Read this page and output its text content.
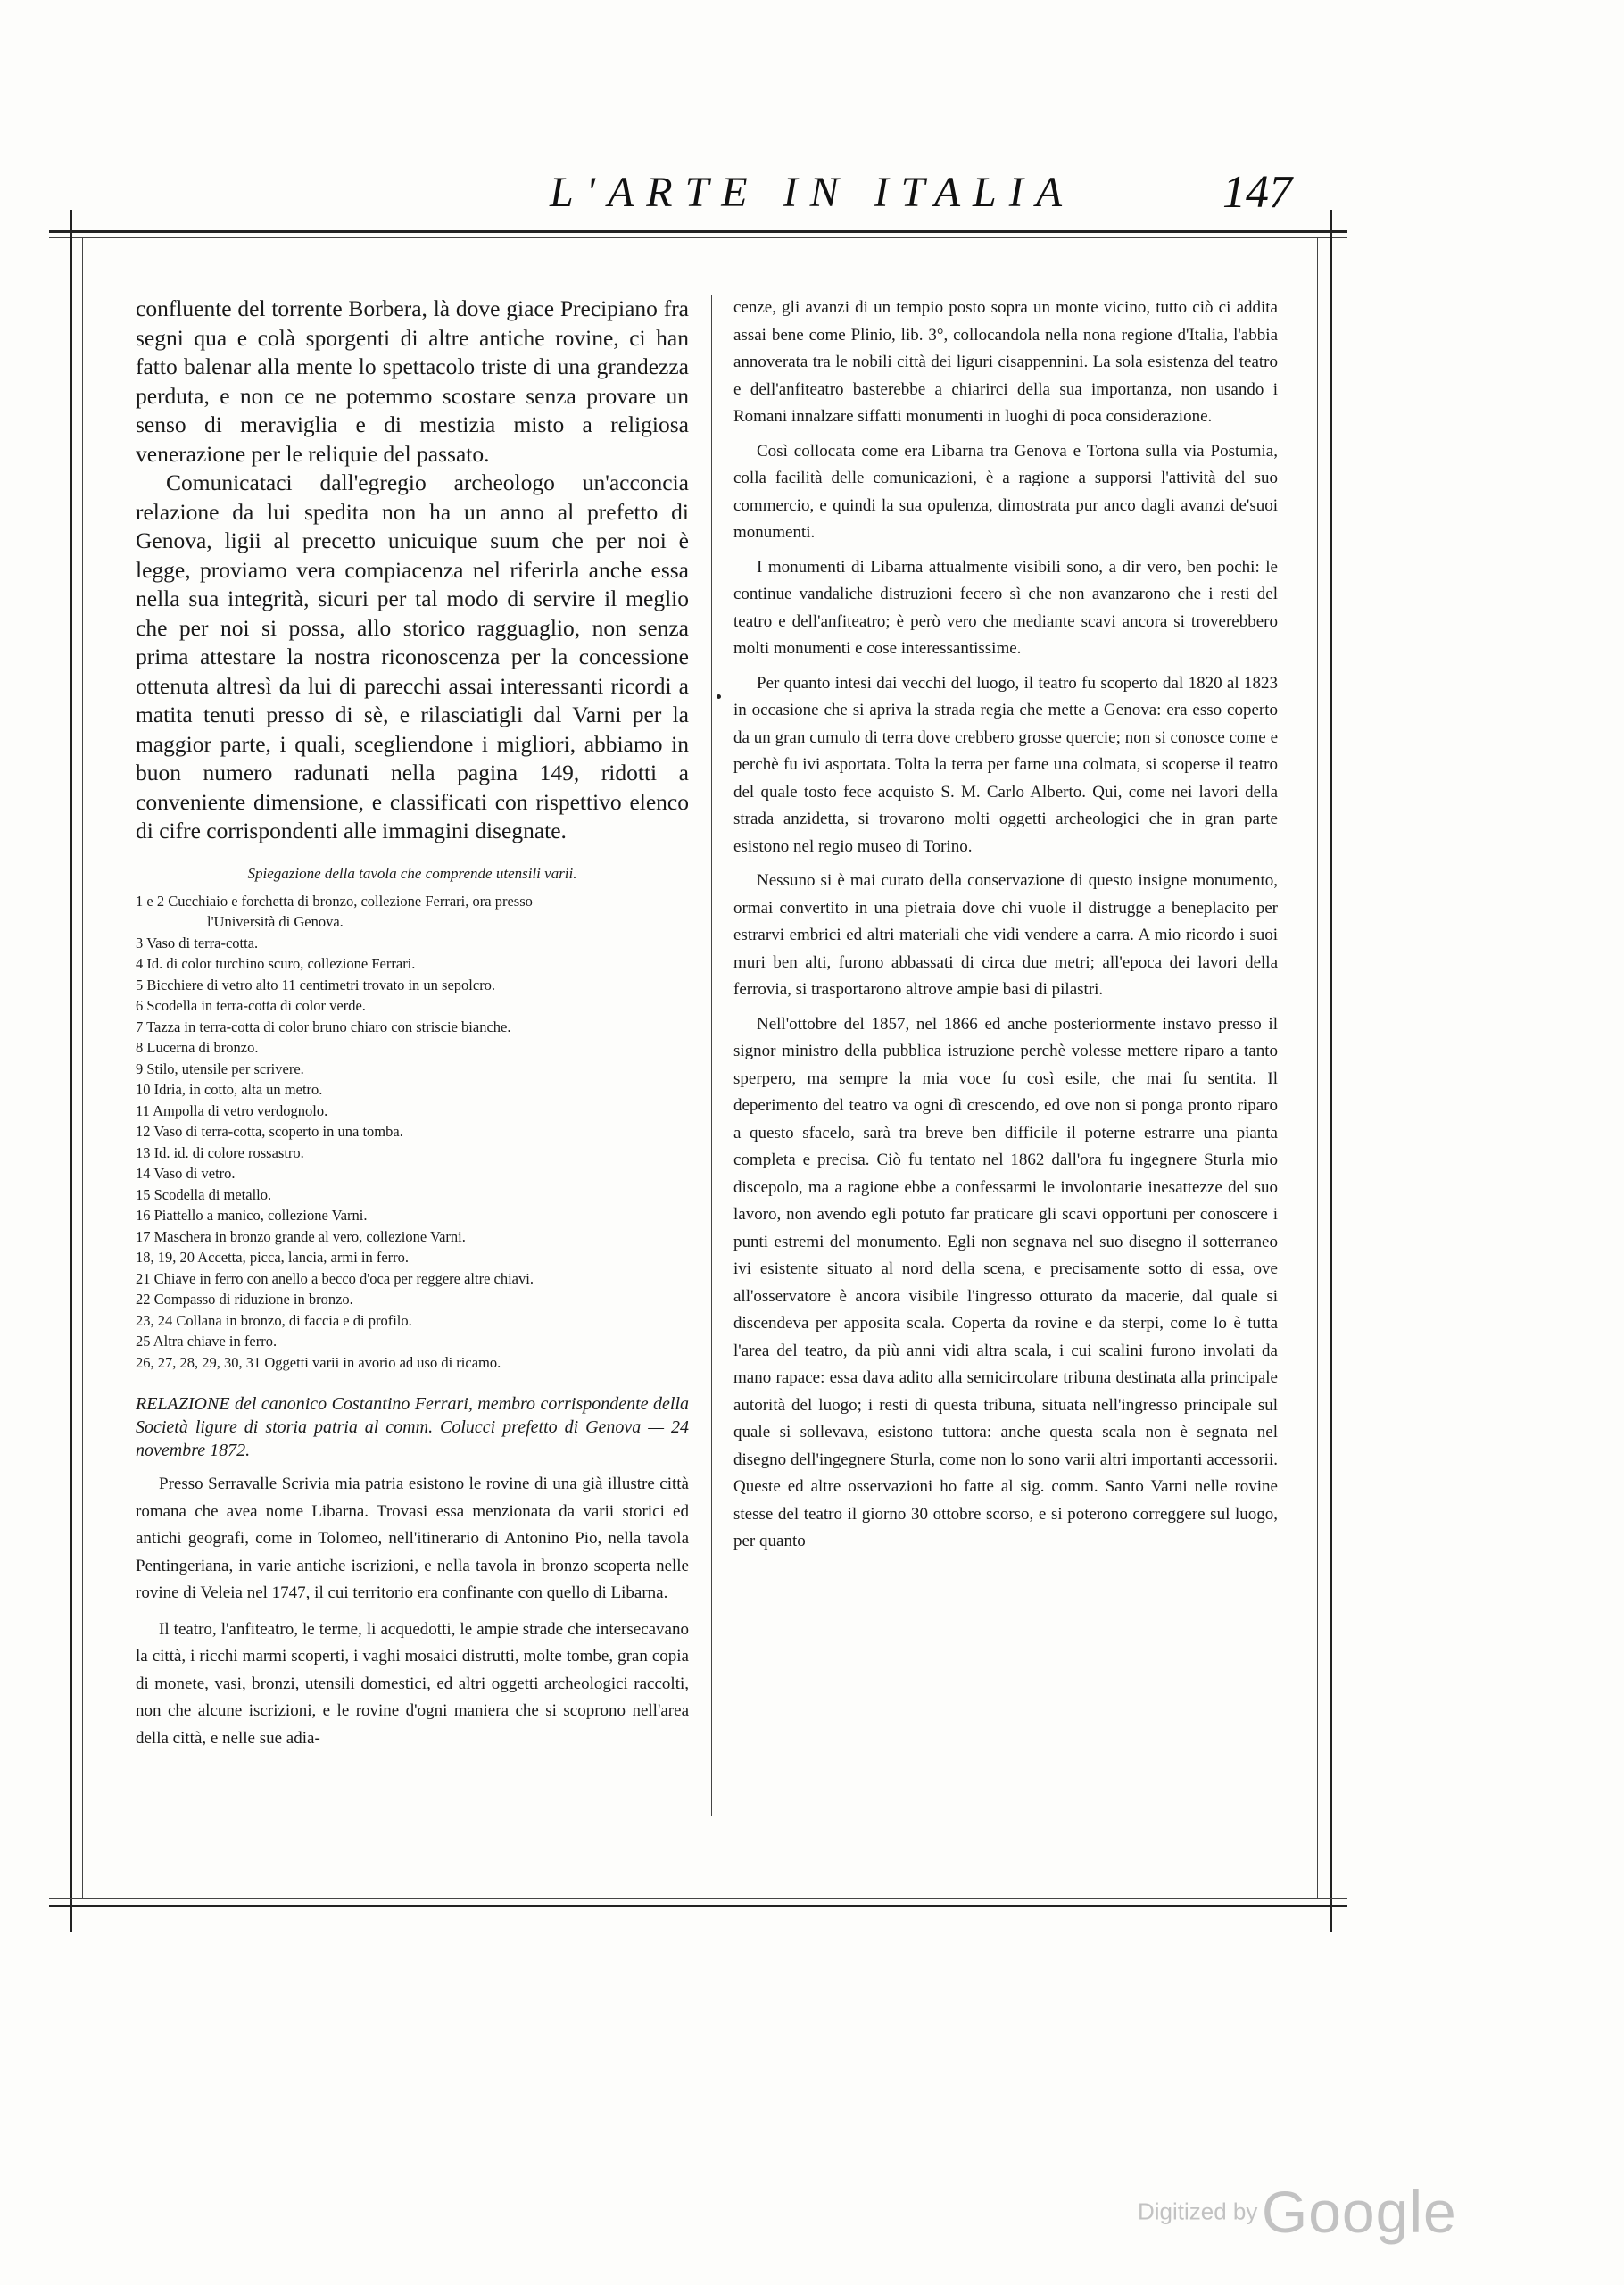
L'ARTE IN ITALIA	147

confluente del torrente Borbera, là dove giace Precipiano fra segni qua e colà sporgenti di altre antiche rovine, ci han fatto balenar alla mente lo spettacolo triste di una grandezza perduta, e non ce ne potemmo scostare senza provare un senso di meraviglia e di mestizia misto a religiosa venerazione per le reliquie del passato.

Comunicataci dall'egregio archeologo un'acconcia relazione da lui spedita non ha un anno al prefetto di Genova, ligii al precetto unicuique suum che per noi è legge, proviamo vera compiacenza nel riferirla anche essa nella sua integrità, sicuri per tal modo di servire il meglio che per noi si possa, allo storico ragguaglio, non senza prima attestare la nostra riconoscenza per la concessione ottenuta altresì da lui di parecchi assai interessanti ricordi a matita tenuti presso di sè, e rilasciatigli dal Varni per la maggior parte, i quali, scegliendone i migliori, abbiamo in buon numero radunati nella pagina 149, ridotti a conveniente dimensione, e classificati con rispettivo elenco di cifre corrispondenti alle immagini disegnate.

Spiegazione della tavola che comprende utensili varii.
1 e 2 Cucchiaio e forchetta di bronzo, collezione Ferrari, ora presso
l'Università di Genova.
3 Vaso di terra-cotta.
4 Id. di color turchino scuro, collezione Ferrari.
5 Bicchiere di vetro alto 11 centimetri trovato in un sepolcro.
6 Scodella in terra-cotta di color verde.
7 Tazza in terra-cotta di color bruno chiaro con striscie bianche.
8 Lucerna di bronzo.
9 Stilo, utensile per scrivere.
10 Idria, in cotto, alta un metro.
11 Ampolla di vetro verdognolo.
12 Vaso di terra-cotta, scoperto in una tomba.
13 Id. id. di colore rossastro.
14 Vaso di vetro.
15 Scodella di metallo.
16 Piattello a manico, collezione Varni.
17 Maschera in bronzo grande al vero, collezione Varni.
18, 19, 20 Accetta, picca, lancia, armi in ferro.
21 Chiave in ferro con anello a becco d'oca per reggere altre chiavi.
22 Compasso di riduzione in bronzo.
23, 24 Collana in bronzo, di faccia e di profilo.
25 Altra chiave in ferro.
26, 27, 28, 29, 30, 31 Oggetti varii in avorio ad uso di ricamo.
RELAZIONE del canonico Costantino Ferrari, membro corrispondente della Società ligure di storia patria al comm. Colucci prefetto di Genova — 24 novembre 1872.

Presso Serravalle Scrivia mia patria esistono le rovine di una già illustre città romana che avea nome Libarna. Trovasi essa menzionata da varii storici ed antichi geografi, come in Tolomeo, nell'itinerario di Antonino Pio, nella tavola Pentingeriana, in varie antiche iscrizioni, e nella tavola in bronzo scoperta nelle rovine di Veleia nel 1747, il cui territorio era confinante con quello di Libarna.

Il teatro, l'anfiteatro, le terme, li acquedotti, le ampie strade che intersecavano la città, i ricchi marmi scoperti, i vaghi mosaici distrutti, molte tombe, gran copia di monete, vasi, bronzi, utensili domestici, ed altri oggetti archeologici raccolti, non che alcune iscrizioni, e le rovine d'ogni maniera che si scoprono nell'area della città, e nelle sue adia-

cenze, gli avanzi di un tempio posto sopra un monte vicino, tutto ciò ci addita assai bene come Plinio, lib. 3°, collocandola nella nona regione d'Italia, l'abbia annoverata tra le nobili città dei liguri cisappennini. La sola esistenza del teatro e dell'anfiteatro basterebbe a chiarirci della sua importanza, non usando i Romani innalzare siffatti monumenti in luoghi di poca considerazione.

Così collocata come era Libarna tra Genova e Tortona sulla via Postumia, colla facilità delle comunicazioni, è a ragione a supporsi l'attività del suo commercio, e quindi la sua opulenza, dimostrata pur anco dagli avanzi de'suoi monumenti.

I monumenti di Libarna attualmente visibili sono, a dir vero, ben pochi: le continue vandaliche distruzioni fecero sì che non avanzarono che i resti del teatro e dell'anfiteatro; è però vero che mediante scavi ancora si troverebbero molti monumenti e cose interessantissime.

Per quanto intesi dai vecchi del luogo, il teatro fu scoperto dal 1820 al 1823 in occasione che si apriva la strada regia che mette a Genova: era esso coperto da un gran cumulo di terra dove crebbero grosse quercie; non si conosce come e perchè fu ivi asportata. Tolta la terra per farne una colmata, si scoperse il teatro del quale tosto fece acquisto S. M. Carlo Alberto. Qui, come nei lavori della strada anzidetta, si trovarono molti oggetti archeologici che in gran parte esistono nel regio museo di Torino.

Nessuno si è mai curato della conservazione di questo insigne monumento, ormai convertito in una pietraia dove chi vuole il distrugge a beneplacito per estrarvi embrici ed altri materiali che vidi vendere a carra. A mio ricordo i suoi muri ben alti, furono abbassati di circa due metri; all'epoca dei lavori della ferrovia, si trasportarono altrove ampie basi di pilastri.

Nell'ottobre del 1857, nel 1866 ed anche posteriormente instavo presso il signor ministro della pubblica istruzione perchè volesse mettere riparo a tanto sperpero, ma sempre la mia voce fu così esile, che mai fu sentita. Il deperimento del teatro va ogni dì crescendo, ed ove non si ponga pronto riparo a questo sfacelo, sarà tra breve ben difficile il poterne estrarre una pianta completa e precisa. Ciò fu tentato nel 1862 dall'ora fu ingegnere Sturla mio discepolo, ma a ragione ebbe a confessarmi le involontarie inesattezze del suo lavoro, non avendo egli potuto far praticare gli scavi opportuni per conoscere i punti estremi del monumento. Egli non segnava nel suo disegno il sotterraneo ivi esistente situato al nord della scena, e precisamente sotto di essa, ove all'osservatore è ancora visibile l'ingresso otturato da macerie, dal quale si discendeva per apposita scala. Coperta da rovine e da sterpi, come lo è tutta l'area del teatro, da più anni vidi altra scala, i cui scalini furono involati da mano rapace: essa dava adito alla semicircolare tribuna destinata alla principale autorità del luogo; i resti di questa tribuna, situata nell'ingresso principale sul quale si sollevava, esistono tuttora: anche questa scala non è segnata nel disegno dell'ingegnere Sturla, come non lo sono varii altri importanti accessorii. Queste ed altre osservazioni ho fatte al sig. comm. Santo Varni nelle rovine stesse del teatro il giorno 30 ottobre scorso, e si poterono correggere sul luogo, per quanto

Digitized by Google
